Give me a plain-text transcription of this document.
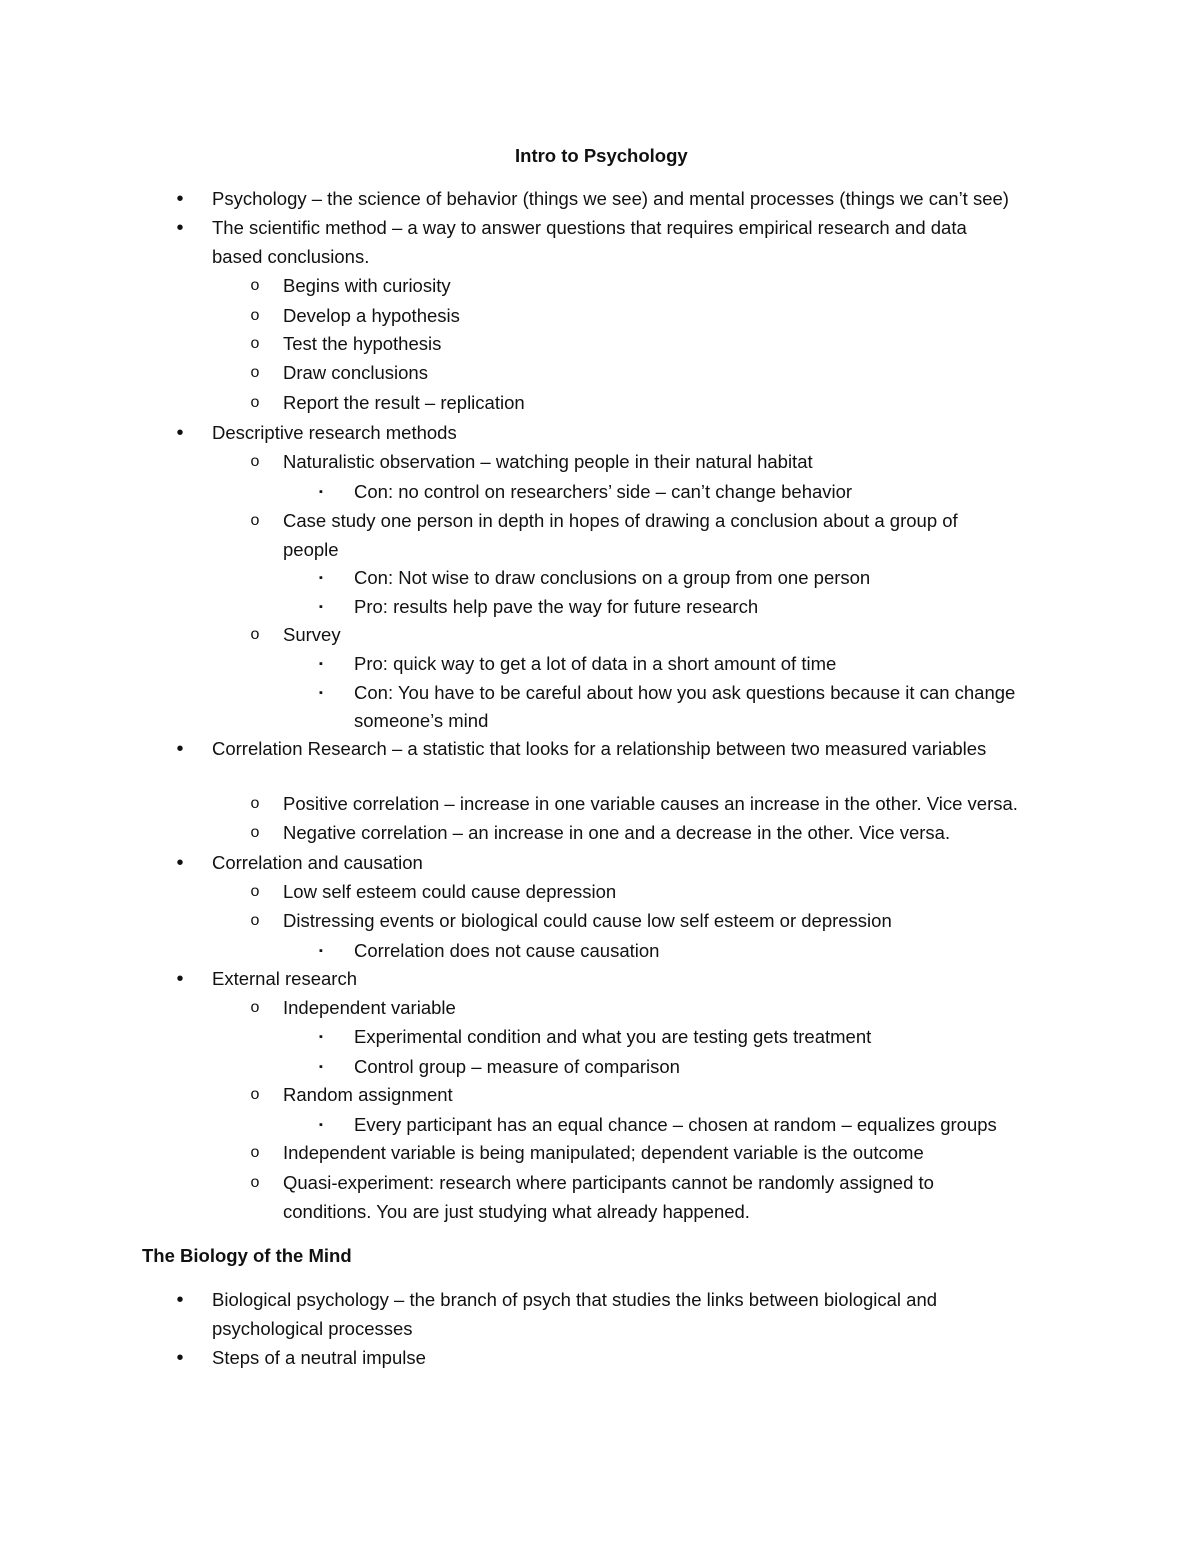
Intro to Psychology
•	Psychology – the science of behavior (things we see) and mental processes (things we can’t see)
•	The scientific method – a way to answer questions that requires empirical research and data
based conclusions.
o Begins with curiosity
o Develop a hypothesis
o Test the hypothesis
o Draw conclusions
o Report the result – replication
•	Descriptive research methods
o Naturalistic observation – watching people in their natural habitat
▪	Con: no control on researchers’ side – can’t change behavior
o Case study one person in depth in hopes of drawing a conclusion about a group of
people
▪	Con: Not wise to draw conclusions on a group from one person
▪	Pro: results help pave the way for future research
o Survey
▪	Pro: quick way to get a lot of data in a short amount of time
▪	Con: You have to be careful about how you ask questions because it can change
someone’s mind
•	Correlation Research – a statistic that looks for a relationship between two measured variables
o Positive correlation – increase in one variable causes an increase in the other. Vice versa.
o Negative correlation – an increase in one and a decrease in the other. Vice versa.
•	Correlation and causation
o Low self esteem could cause depression
o Distressing events or biological could cause low self esteem or depression
▪	Correlation does not cause causation
•	External research
o Independent variable
▪	Experimental condition and what you are testing gets treatment
▪	Control group – measure of comparison
o Random assignment
▪	Every participant has an equal chance – chosen at random – equalizes groups
o Independent variable is being manipulated; dependent variable is the outcome
o Quasi-experiment: research where participants cannot be randomly assigned to
conditions. You are just studying what already happened.
The Biology of the Mind
•	Biological psychology – the branch of psych that studies the links between biological and
psychological processes
•	Steps of a neutral impulse
